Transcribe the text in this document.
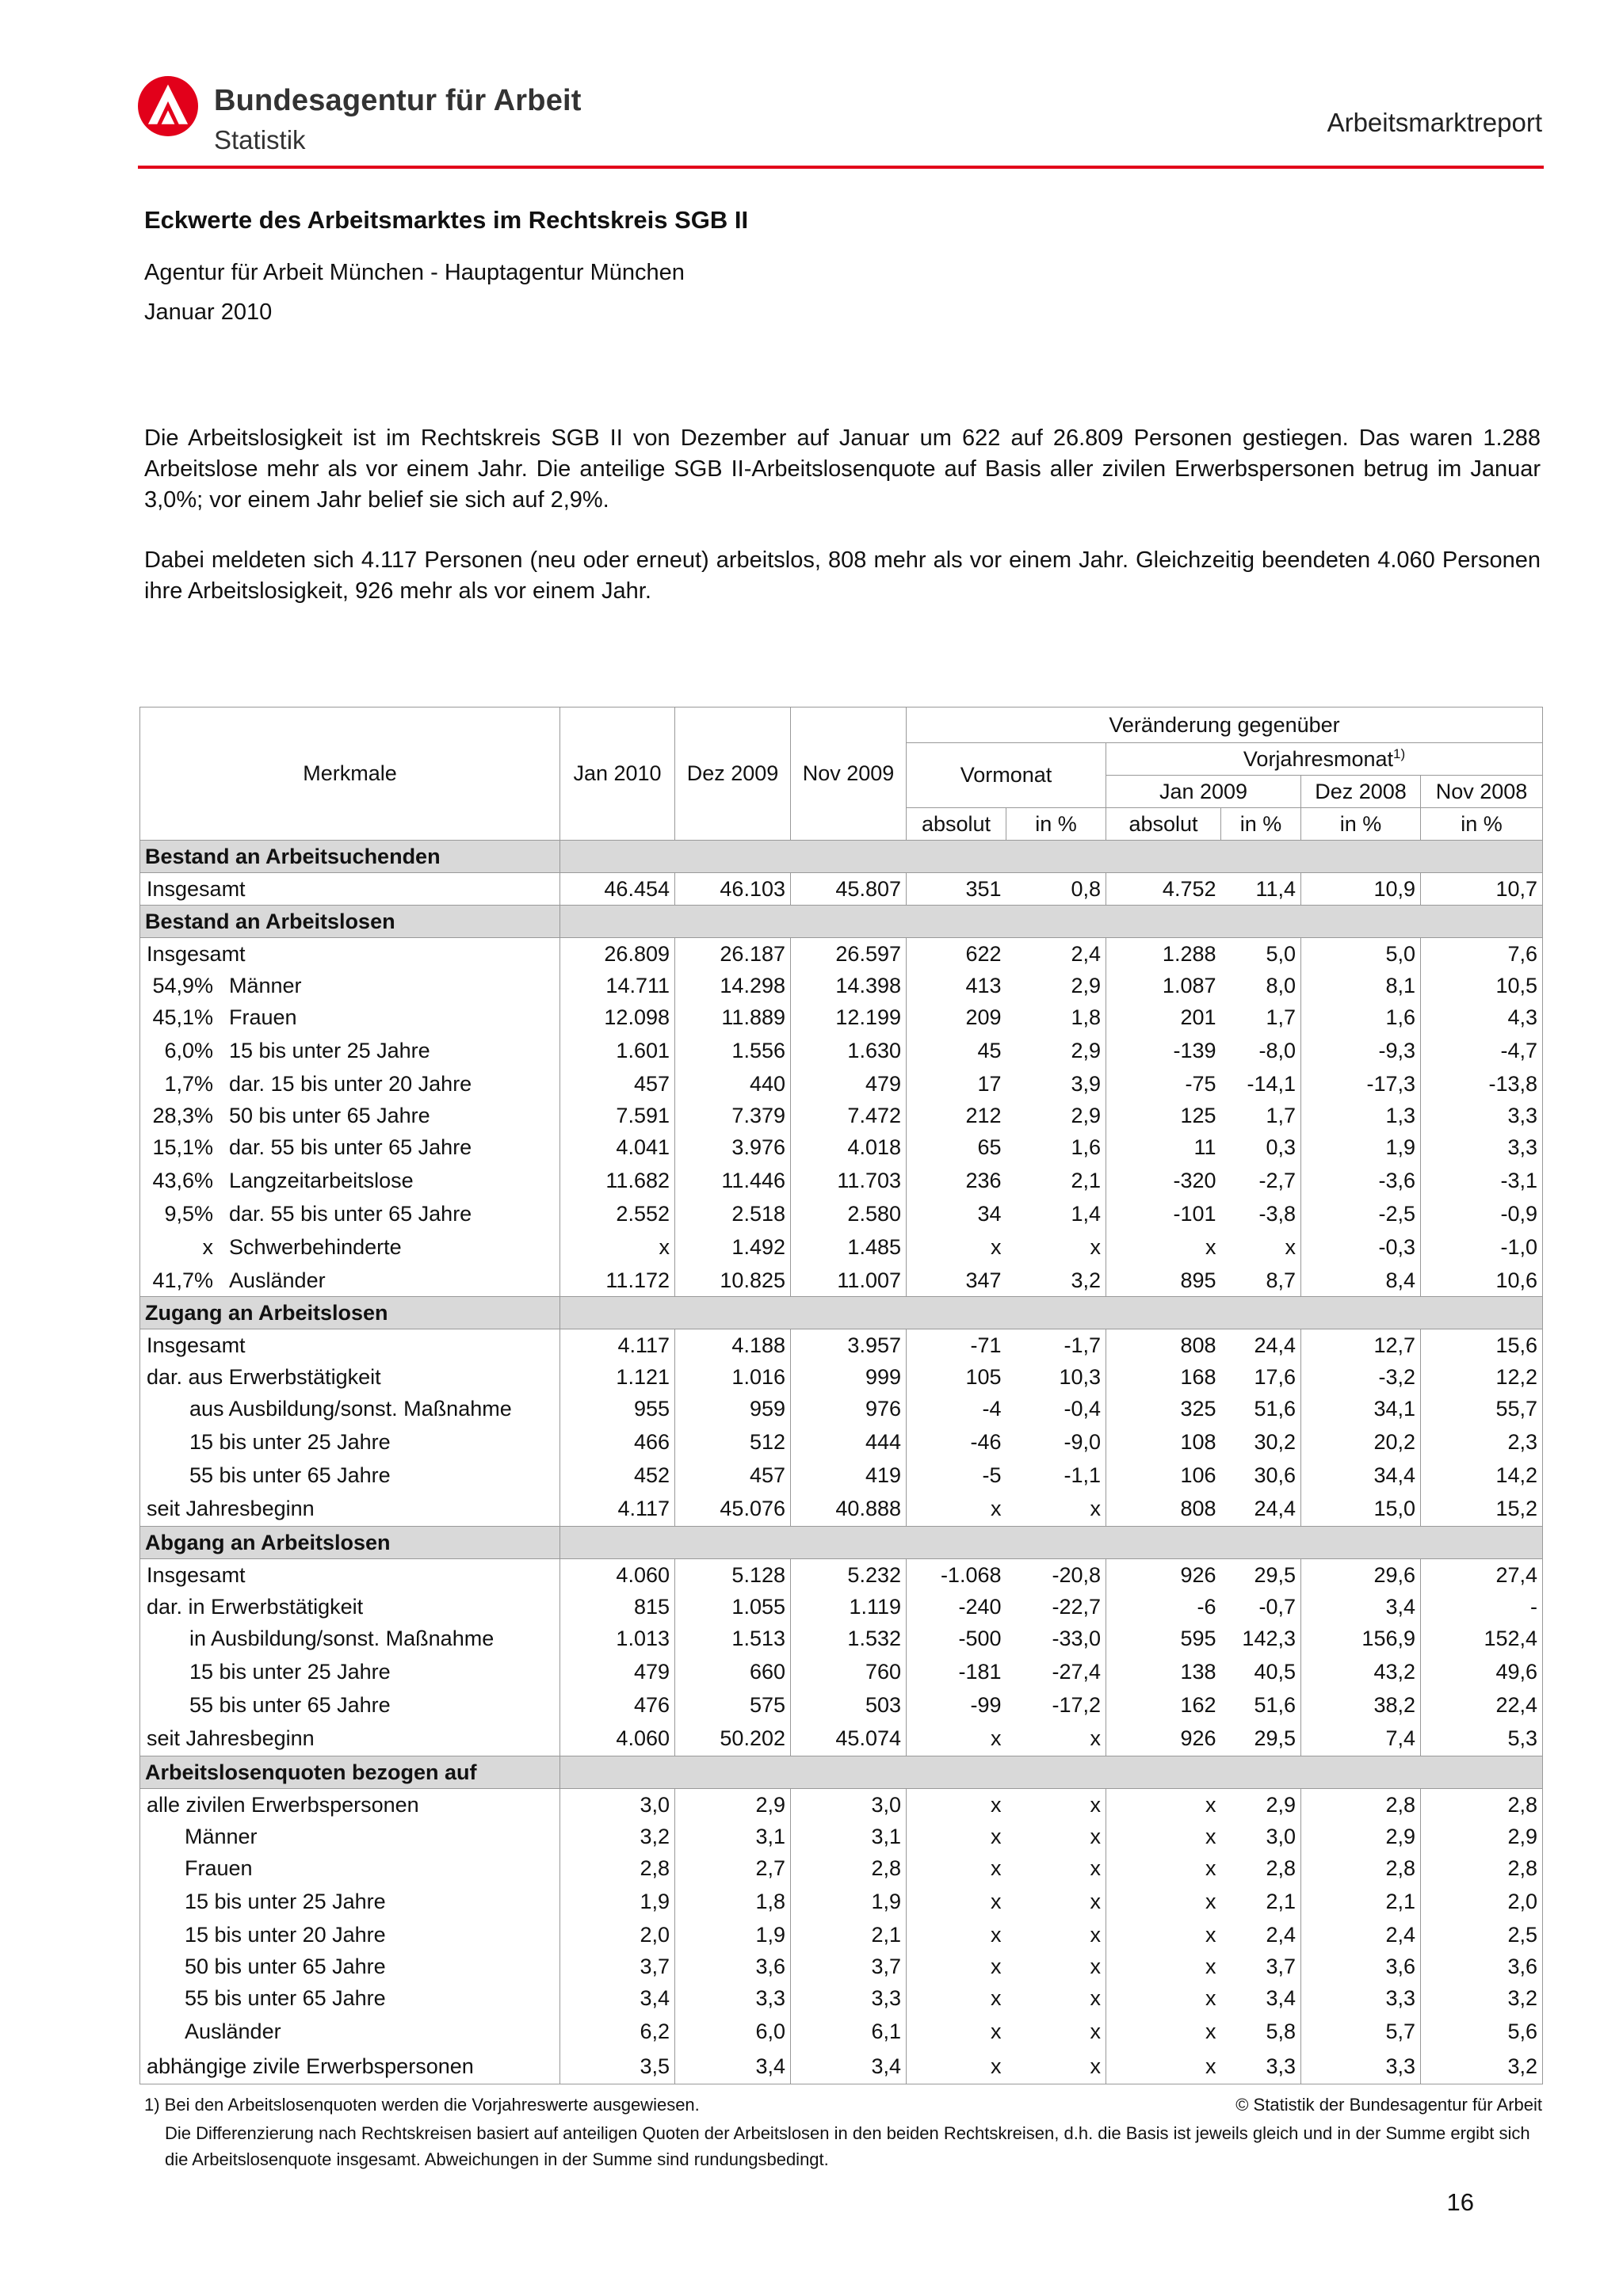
Bundesagentur für Arbeit
Statistik
Arbeitsmarktreport
Eckwerte des Arbeitsmarktes im Rechtskreis SGB II
Agentur für Arbeit München - Hauptagentur München
Januar 2010

Die Arbeitslosigkeit ist im Rechtskreis SGB II von Dezember auf Januar um 622 auf 26.809 Personen gestiegen. Das waren 1.288 Arbeitslose mehr als vor einem Jahr. Die anteilige SGB II-Arbeitslosenquote auf Basis aller zivilen Erwerbspersonen betrug im Januar 3,0%; vor einem Jahr belief sie sich auf 2,9%.

Dabei meldeten sich 4.117 Personen (neu oder erneut) arbeitslos, 808 mehr als vor einem Jahr. Gleichzeitig beendeten 4.060 Personen ihre Arbeitslosigkeit, 926 mehr als vor einem Jahr.

Merkmale	Jan 2010	Dez 2009	Nov 2009	Veränderung gegenüber					
				Vormonat		Vorjahresmonat$^{1)}$
						Jan 2009		Dez 2008	Nov 2008
				absolut	in %	absolut	in %	in %	in %
Bestand an Arbeitsuchenden									
Insgesamt	46.454	46.103	45.807	351	0,8	4.752	11,4	10,9	10,7
Bestand an Arbeitslosen									
Insgesamt	26.809	26.187	26.597	622	2,4	1.288	5,0	5,0	7,6
54,9% Männer	14.711	14.298	14.398	413	2,9	1.087	8,0	8,1	10,5
45,1% Frauen	12.098	11.889	12.199	209	1,8	201	1,7	1,6	4,3
6,0% 15 bis unter 25 Jahre	1.601	1.556	1.630	45	2,9	-139	-8,0	-9,3	-4,7
1,7% dar. 15 bis unter 20 Jahre	457	440	479	17	3,9	-75	-14,1	-17,3	-13,8
28,3% 50 bis unter 65 Jahre	7.591	7.379	7.472	212	2,9	125	1,7	1,3	3,3
15,1% dar. 55 bis unter 65 Jahre	4.041	3.976	4.018	65	1,6	11	0,3	1,9	3,3
43,6% Langzeitarbeitslose	11.682	11.446	11.703	236	2,1	-320	-2,7	-3,6	-3,1
9,5% dar. 55 bis unter 65 Jahre	2.552	2.518	2.580	34	1,4	-101	-3,8	-2,5	-0,9
x Schwerbehinderte	x	1.492	1.485	x	x	x	x	-0,3	-1,0
41,7% Ausländer	11.172	10.825	11.007	347	3,2	895	8,7	8,4	10,6
Zugang an Arbeitslosen									
Insgesamt	4.117	4.188	3.957	-71	-1,7	808	24,4	12,7	15,6
dar. aus Erwerbstätigkeit	1.121	1.016	999	105	10,3	168	17,6	-3,2	12,2
aus Ausbildung/sonst. Maßnahme	955	959	976	-4	-0,4	325	51,6	34,1	55,7
15 bis unter 25 Jahre	466	512	444	-46	-9,0	108	30,2	20,2	2,3
55 bis unter 65 Jahre	452	457	419	-5	-1,1	106	30,6	34,4	14,2
seit Jahresbeginn	4.117	45.076	40.888	x	x	808	24,4	15,0	15,2
Abgang an Arbeitslosen									
Insgesamt	4.060	5.128	5.232	-1.068	-20,8	926	29,5	29,6	27,4
dar. in Erwerbstätigkeit	815	1.055	1.119	-240	-22,7	-6	-0,7	3,4	-
in Ausbildung/sonst. Maßnahme	1.013	1.513	1.532	-500	-33,0	595	142,3	156,9	152,4
15 bis unter 25 Jahre	479	660	760	-181	-27,4	138	40,5	43,2	49,6
55 bis unter 65 Jahre	476	575	503	-99	-17,2	162	51,6	38,2	22,4
seit Jahresbeginn	4.060	50.202	45.074	x	x	926	29,5	7,4	5,3
Arbeitslosenquoten bezogen auf									
alle zivilen Erwerbspersonen	3,0	2,9	3,0	x	x	x	2,9	2,8	2,8
Männer	3,2	3,1	3,1	x	x	x	3,0	2,9	2,9
Frauen	2,8	2,7	2,8	x	x	x	2,8	2,8	2,8
15 bis unter 25 Jahre	1,9	1,8	1,9	x	x	x	2,1	2,1	2,0
15 bis unter 20 Jahre	2,0	1,9	2,1	x	x	x	2,4	2,4	2,5
50 bis unter 65 Jahre	3,7	3,6	3,7	x	x	x	3,7	3,6	3,6
55 bis unter 65 Jahre	3,4	3,3	3,3	x	x	x	3,4	3,3	3,2
Ausländer	6,2	6,0	6,1	x	x	x	5,8	5,7	5,6
abhängige zivile Erwerbspersonen	3,5	3,4	3,4	x	x	x	3,3	3,3	3,2
1) Bei den Arbeitslosenquoten werden die Vorjahreswerte ausgewiesen.	© Statistik der Bundesagentur für Arbeit

Die Differenzierung nach Rechtskreisen basiert auf anteiligen Quoten der Arbeitslosen in den beiden Rechtskreisen, d.h. die Basis ist jeweils gleich und in der Summe ergibt sich die Arbeitslosenquote insgesamt. Abweichungen in der Summe sind rundungsbedingt.

16
